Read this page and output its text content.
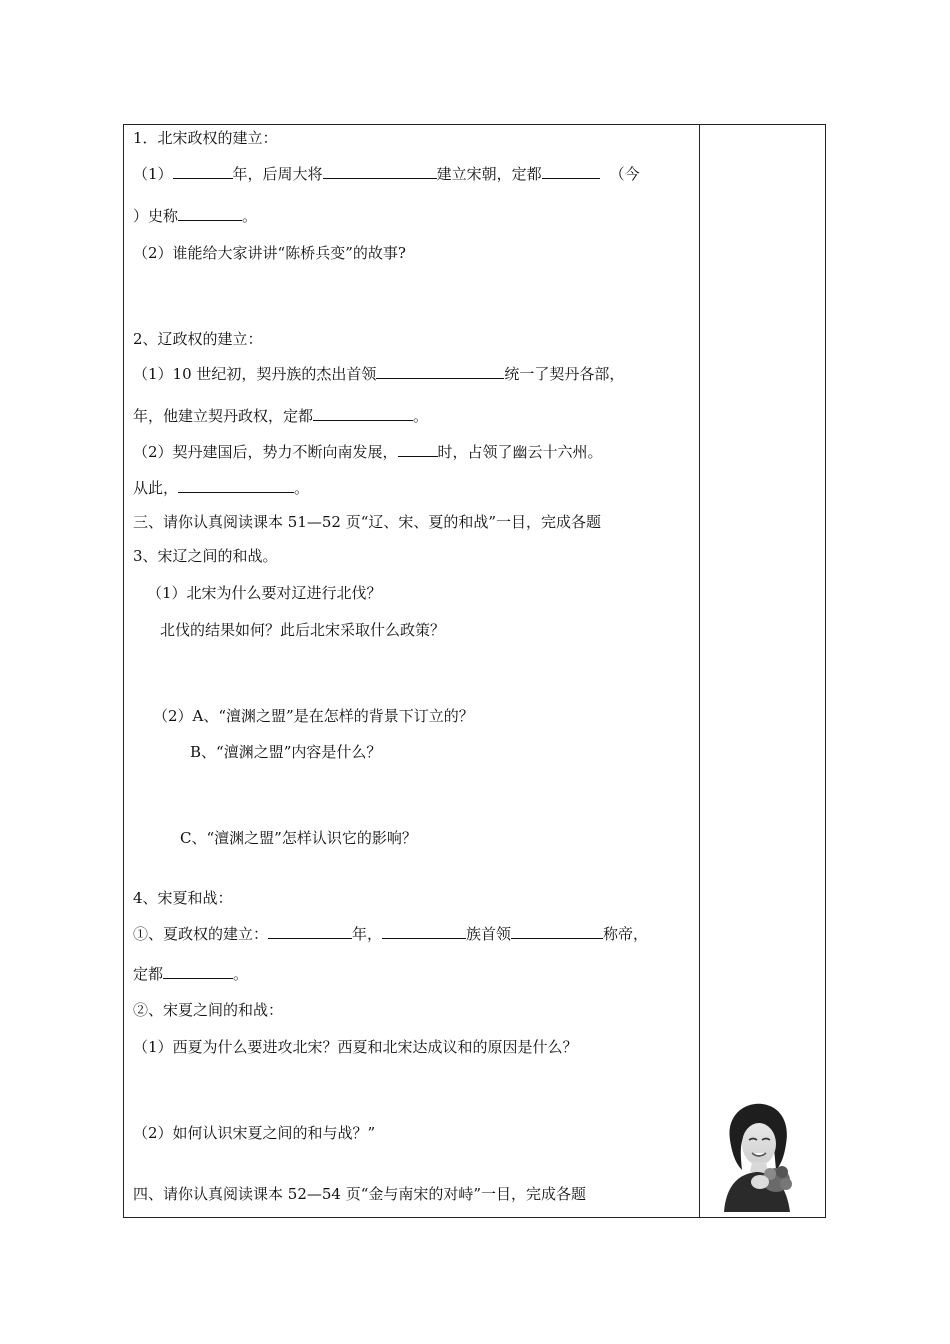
1．北宋政权的建立：
（1）	年，后周大将	建立宋朝，定都	（今
）史称	。
（2）谁能给大家讲讲“陈桥兵变”的故事?
2、辽政权的建立：
（1）10 世纪初，契丹族的杰出首领	统一了契丹各部，
年，他建立契丹政权，定都	。
（2）契丹建国后，势力不断向南发展，	时，占领了幽云十六州。
从此，	。
三、请你认真阅读课本 51—52 页“辽、宋、夏的和战”一目，完成各题
3、宋辽之间的和战。
（1）北宋为什么要对辽进行北伐？
北伐的结果如何？此后北宋采取什么政策？
（2）A、“澶渊之盟”是在怎样的背景下订立的？
B、“澶渊之盟”内容是什么？
C、“澶渊之盟”怎样认识它的影响？
4、宋夏和战：
①、夏政权的建立：	年，	族首领	称帝，
定都	。
②、宋夏之间的和战：
（1）西夏为什么要进攻北宋？西夏和北宋达成议和的原因是什么？
（2）如何认识宋夏之间的和与战？”
四、请你认真阅读课本 52—54 页“金与南宋的对峙”一目，完成各题
